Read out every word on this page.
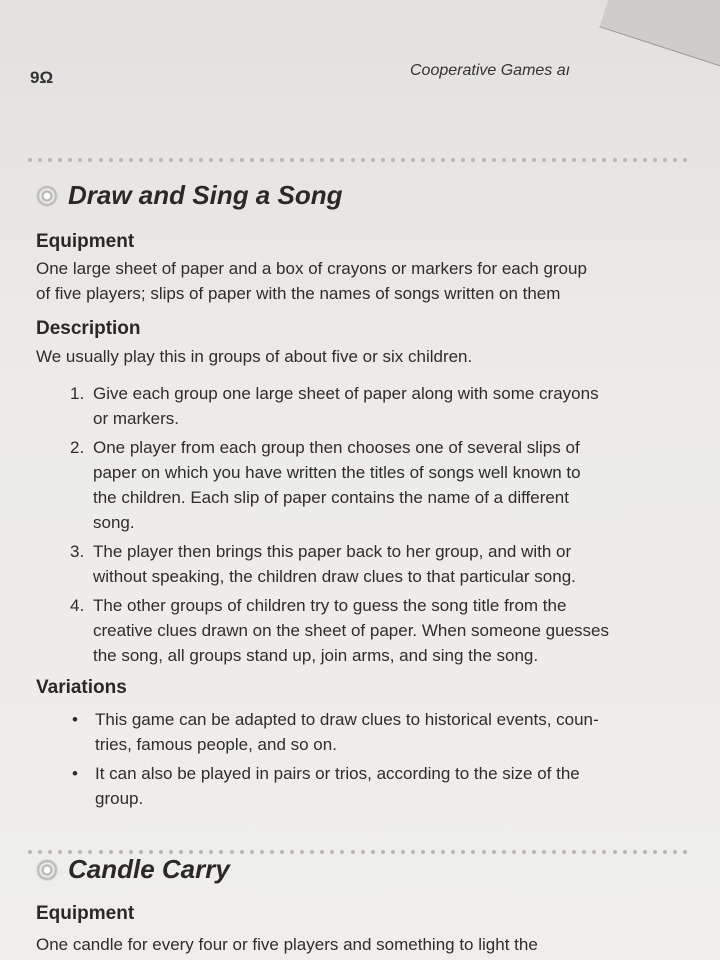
9Ω	Cooperative Games aı
Draw and Sing a Song
Equipment
One large sheet of paper and a box of crayons or markers for each group
of five players; slips of paper with the names of songs written on them
Description
We usually play this in groups of about five or six children.
1. Give each group one large sheet of paper along with some crayons
or markers.
2. One player from each group then chooses one of several slips of
paper on which you have written the titles of songs well known to
the children. Each slip of paper contains the name of a different
song.
3. The player then brings this paper back to her group, and with or
without speaking, the children draw clues to that particular song.
4. The other groups of children try to guess the song title from the
creative clues drawn on the sheet of paper. When someone guesses
the song, all groups stand up, join arms, and sing the song.
Variations
•	This game can be adapted to draw clues to historical events, coun-
tries, famous people, and so on.
•	It can also be played in pairs or trios, according to the size of the
group.
Candle Carry
Equipment
One candle for every four or five players and something to light the
